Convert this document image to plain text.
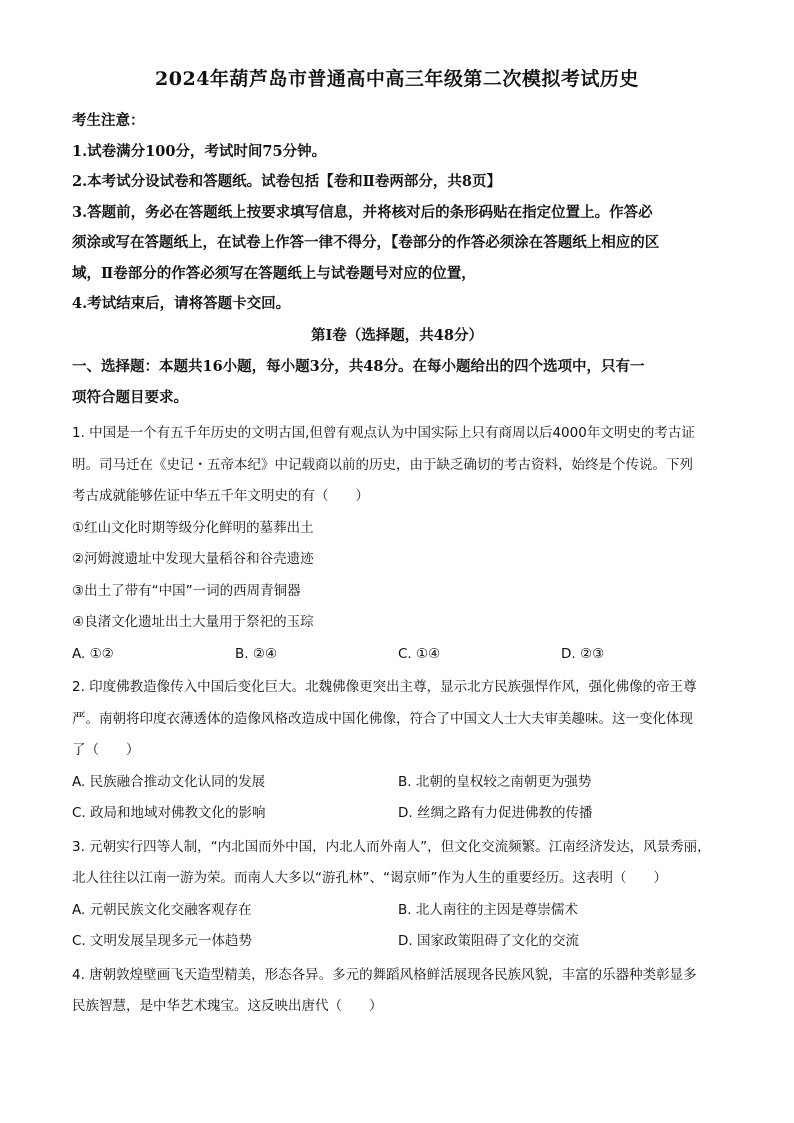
2024年葫芦岛市普通高中高三年级第二次模拟考试历史

考生注意：

1.试卷满分100分，考试时间75分钟。

2.本考试分设试卷和答题纸。试卷包括【卷和Ⅱ卷两部分，共8页】

3.答题前，务必在答题纸上按要求填写信息，并将核对后的条形码贴在指定位置上。作答必

须涂或写在答题纸上，在试卷上作答一律不得分，【卷部分的作答必须涂在答题纸上相应的区

域，Ⅱ卷部分的作答必须写在答题纸上与试卷题号对应的位置，

4.考试结束后，请将答题卡交回。

第Ⅰ卷（选择题，共48分）
一、选择题：本题共16小题，每小题3分，共48分。在每小题给出的四个选项中，只有一
项符合题目要求。

1. 中国是一个有五千年历史的文明古国,但曾有观点认为中国实际上只有商周以后4000年文明史的考古证

明。司马迁在《史记・五帝本纪》中记载商以前的历史，由于缺乏确切的考古资料，始终是个传说。下列

考古成就能够佐证中华五千年文明史的有（　　）

①红山文化时期等级分化鲜明的墓葬出土

②河姆渡遗址中发现大量稻谷和谷壳遗迹

③出土了带有“中国”一词的西周青铜器

④良渚文化遗址出土大量用于祭祀的玉琮

A. ①②	B. ②④	C. ①④	D. ②③

2. 印度佛教造像传入中国后变化巨大。北魏佛像更突出主尊，显示北方民族强悍作风，强化佛像的帝王尊

严。南朝将印度衣薄透体的造像风格改造成中国化佛像，符合了中国文人士大夫审美趣味。这一变化体现

了（　　）

A. 民族融合推动文化认同的发展	B. 北朝的皇权较之南朝更为强势
C. 政局和地域对佛教文化的影响	D. 丝绸之路有力促进佛教的传播

3. 元朝实行四等人制，“内北国而外中国，内北人而外南人”，但文化交流频繁。江南经济发达，风景秀丽，

北人往往以江南一游为荣。而南人大多以“游孔林”、“谒京师”作为人生的重要经历。这表明（　　）

A. 元朝民族文化交融客观存在	B. 北人南往的主因是尊崇儒术
C. 文明发展呈现多元一体趋势	D. 国家政策阻碍了文化的交流

4. 唐朝敦煌壁画飞天造型精美，形态各异。多元的舞蹈风格鲜活展现各民族风貌，丰富的乐器种类彰显多

民族智慧，是中华艺术瑰宝。这反映出唐代（　　）
